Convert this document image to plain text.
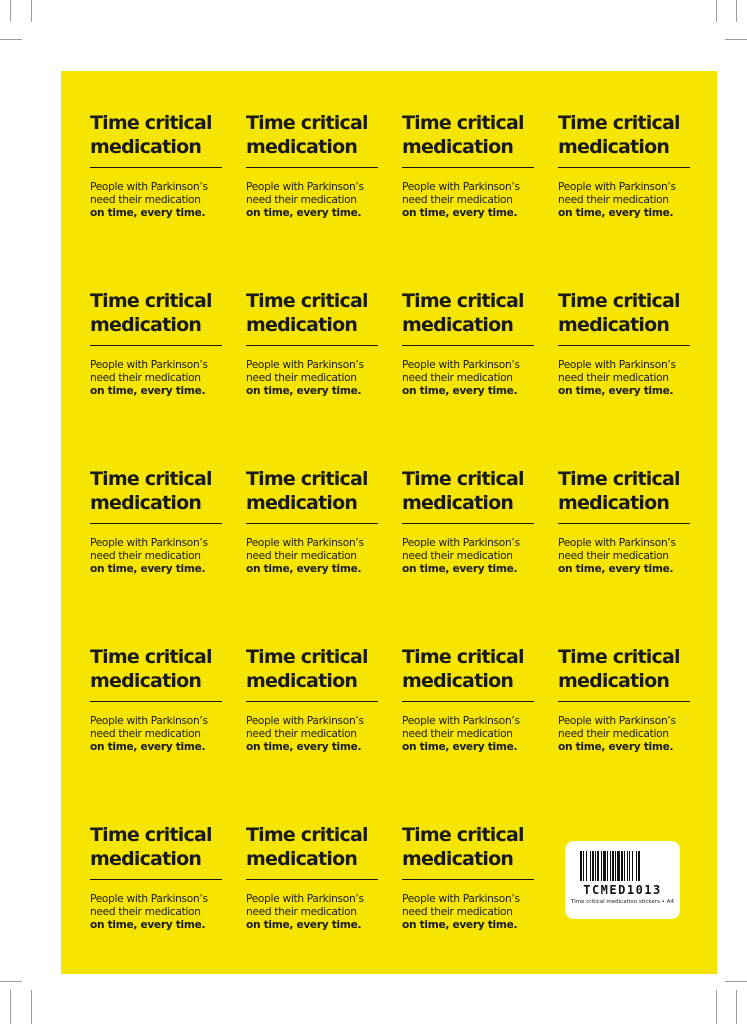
Time critical
medication
People with Parkinson’s
need their medication
on time, every time.
Time critical
medication
People with Parkinson’s
need their medication
on time, every time.
Time critical
medication
People with Parkinson’s
need their medication
on time, every time.
Time critical
medication
People with Parkinson’s
need their medication
on time, every time.
Time critical
medication
People with Parkinson’s
need their medication
on time, every time.
Time critical
medication
People with Parkinson’s
need their medication
on time, every time.
Time critical
medication
People with Parkinson’s
need their medication
on time, every time.
Time critical
medication
People with Parkinson’s
need their medication
on time, every time.
Time critical
medication
People with Parkinson’s
need their medication
on time, every time.
Time critical
medication
People with Parkinson’s
need their medication
on time, every time.
Time critical
medication
People with Parkinson’s
need their medication
on time, every time.
Time critical
medication
People with Parkinson’s
need their medication
on time, every time.
Time critical
medication
People with Parkinson’s
need their medication
on time, every time.
Time critical
medication
People with Parkinson’s
need their medication
on time, every time.
Time critical
medication
People with Parkinson’s
need their medication
on time, every time.
Time critical
medication
People with Parkinson’s
need their medication
on time, every time.
Time critical
medication
People with Parkinson’s
need their medication
on time, every time.
Time critical
medication
People with Parkinson’s
need their medication
on time, every time.
Time critical
medication
People with Parkinson’s
need their medication
on time, every time.
TCMED1013
Time critical medication stickers • A4
